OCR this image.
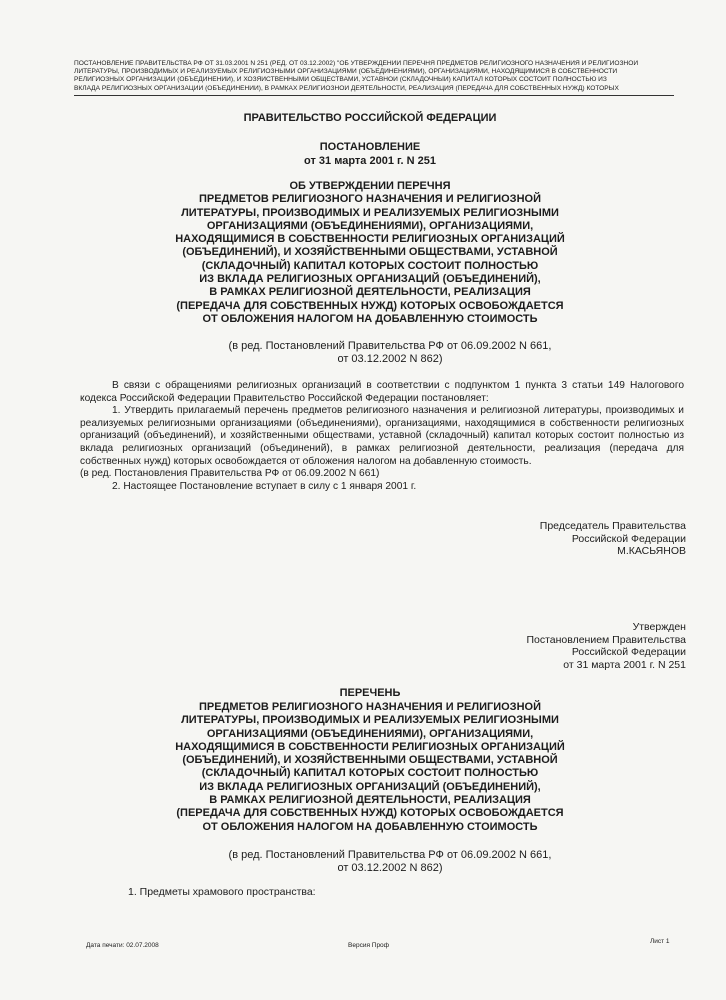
ПОСТАНОВЛЕНИЕ ПРАВИТЕЛЬСТВА РФ ОТ 31.03.2001 N 251 (РЕД. ОТ 03.12.2002) "ОБ УТВЕРЖДЕНИИ ПЕРЕЧНЯ ПРЕДМЕТОВ РЕЛИГИОЗНОГО НАЗНАЧЕНИЯ И РЕЛИГИОЗНОЙ
ЛИТЕРАТУРЫ, ПРОИЗВОДИМЫХ И РЕАЛИЗУЕМЫХ РЕЛИГИОЗНЫМИ ОРГАНИЗАЦИЯМИ (ОБЪЕДИНЕНИЯМИ), ОРГАНИЗАЦИЯМИ, НАХОДЯЩИМИСЯ В СОБСТВЕННОСТИ
РЕЛИГИОЗНЫХ ОРГАНИЗАЦИЙ (ОБЪЕДИНЕНИЙ), И ХОЗЯЙСТВЕННЫМИ ОБЩЕСТВАМИ, УСТАВНОЙ (СКЛАДОЧНЫЙ) КАПИТАЛ КОТОРЫХ СОСТОИТ ПОЛНОСТЬЮ ИЗ
ВКЛАДА РЕЛИГИОЗНЫХ ОРГАНИЗАЦИЙ (ОБЪЕДИНЕНИЙ), В РАМКАХ РЕЛИГИОЗНОЙ ДЕЯТЕЛЬНОСТИ, РЕАЛИЗАЦИЯ (ПЕРЕДАЧА ДЛЯ СОБСТВЕННЫХ НУЖД) КОТОРЫХ
ПРАВИТЕЛЬСТВО РОССИЙСКОЙ ФЕДЕРАЦИИ
ПОСТАНОВЛЕНИЕ
от 31 марта 2001 г. N 251
ОБ УТВЕРЖДЕНИИ ПЕРЕЧНЯ
ПРЕДМЕТОВ РЕЛИГИОЗНОГО НАЗНАЧЕНИЯ И РЕЛИГИОЗНОЙ
ЛИТЕРАТУРЫ, ПРОИЗВОДИМЫХ И РЕАЛИЗУЕМЫХ РЕЛИГИОЗНЫМИ
ОРГАНИЗАЦИЯМИ (ОБЪЕДИНЕНИЯМИ), ОРГАНИЗАЦИЯМИ,
НАХОДЯЩИМИСЯ В СОБСТВЕННОСТИ РЕЛИГИОЗНЫХ ОРГАНИЗАЦИЙ
(ОБЪЕДИНЕНИЙ), И ХОЗЯЙСТВЕННЫМИ ОБЩЕСТВАМИ, УСТАВНОЙ
(СКЛАДОЧНЫЙ) КАПИТАЛ КОТОРЫХ СОСТОИТ ПОЛНОСТЬЮ
ИЗ ВКЛАДА РЕЛИГИОЗНЫХ ОРГАНИЗАЦИЙ (ОБЪЕДИНЕНИЙ),
В РАМКАХ РЕЛИГИОЗНОЙ ДЕЯТЕЛЬНОСТИ, РЕАЛИЗАЦИЯ
(ПЕРЕДАЧА ДЛЯ СОБСТВЕННЫХ НУЖД) КОТОРЫХ ОСВОБОЖДАЕТСЯ
ОТ ОБЛОЖЕНИЯ НАЛОГОМ НА ДОБАВЛЕННУЮ СТОИМОСТЬ
(в ред. Постановлений Правительства РФ от 06.09.2002 N 661,
от 03.12.2002 N 862)

В связи с обращениями религиозных организаций в соответствии с подпунктом 1 пункта 3 статьи 149 Налогового кодекса Российской Федерации Правительство Российской Федерации постановляет:

1. Утвердить прилагаемый перечень предметов религиозного назначения и религиозной литературы, производимых и реализуемых религиозными организациями (объединениями), организациями, находящимися в собственности религиозных организаций (объединений), и хозяйственными обществами, уставной (складочный) капитал которых состоит полностью из вклада религиозных организаций (объединений), в рамках религиозной деятельности, реализация (передача для собственных нужд) которых освобождается от обложения налогом на добавленную стоимость.

(в ред. Постановления Правительства РФ от 06.09.2002 N 661)

2. Настоящее Постановление вступает в силу с 1 января 2001 г.

Председатель Правительства
Российской Федерации
М.КАСЬЯНОВ
Утвержден
Постановлением Правительства
Российской Федерации
от 31 марта 2001 г. N 251
ПЕРЕЧЕНЬ
ПРЕДМЕТОВ РЕЛИГИОЗНОГО НАЗНАЧЕНИЯ И РЕЛИГИОЗНОЙ
ЛИТЕРАТУРЫ, ПРОИЗВОДИМЫХ И РЕАЛИЗУЕМЫХ РЕЛИГИОЗНЫМИ
ОРГАНИЗАЦИЯМИ (ОБЪЕДИНЕНИЯМИ), ОРГАНИЗАЦИЯМИ,
НАХОДЯЩИМИСЯ В СОБСТВЕННОСТИ РЕЛИГИОЗНЫХ ОРГАНИЗАЦИЙ
(ОБЪЕДИНЕНИЙ), И ХОЗЯЙСТВЕННЫМИ ОБЩЕСТВАМИ, УСТАВНОЙ
(СКЛАДОЧНЫЙ) КАПИТАЛ КОТОРЫХ СОСТОИТ ПОЛНОСТЬЮ
ИЗ ВКЛАДА РЕЛИГИОЗНЫХ ОРГАНИЗАЦИЙ (ОБЪЕДИНЕНИЙ),
В РАМКАХ РЕЛИГИОЗНОЙ ДЕЯТЕЛЬНОСТИ, РЕАЛИЗАЦИЯ
(ПЕРЕДАЧА ДЛЯ СОБСТВЕННЫХ НУЖД) КОТОРЫХ ОСВОБОЖДАЕТСЯ
ОТ ОБЛОЖЕНИЯ НАЛОГОМ НА ДОБАВЛЕННУЮ СТОИМОСТЬ
(в ред. Постановлений Правительства РФ от 06.09.2002 N 661,
от 03.12.2002 N 862)
1. Предметы храмового пространства:
Дата печати: 02.07.2008	Версия Проф
Лист 1
